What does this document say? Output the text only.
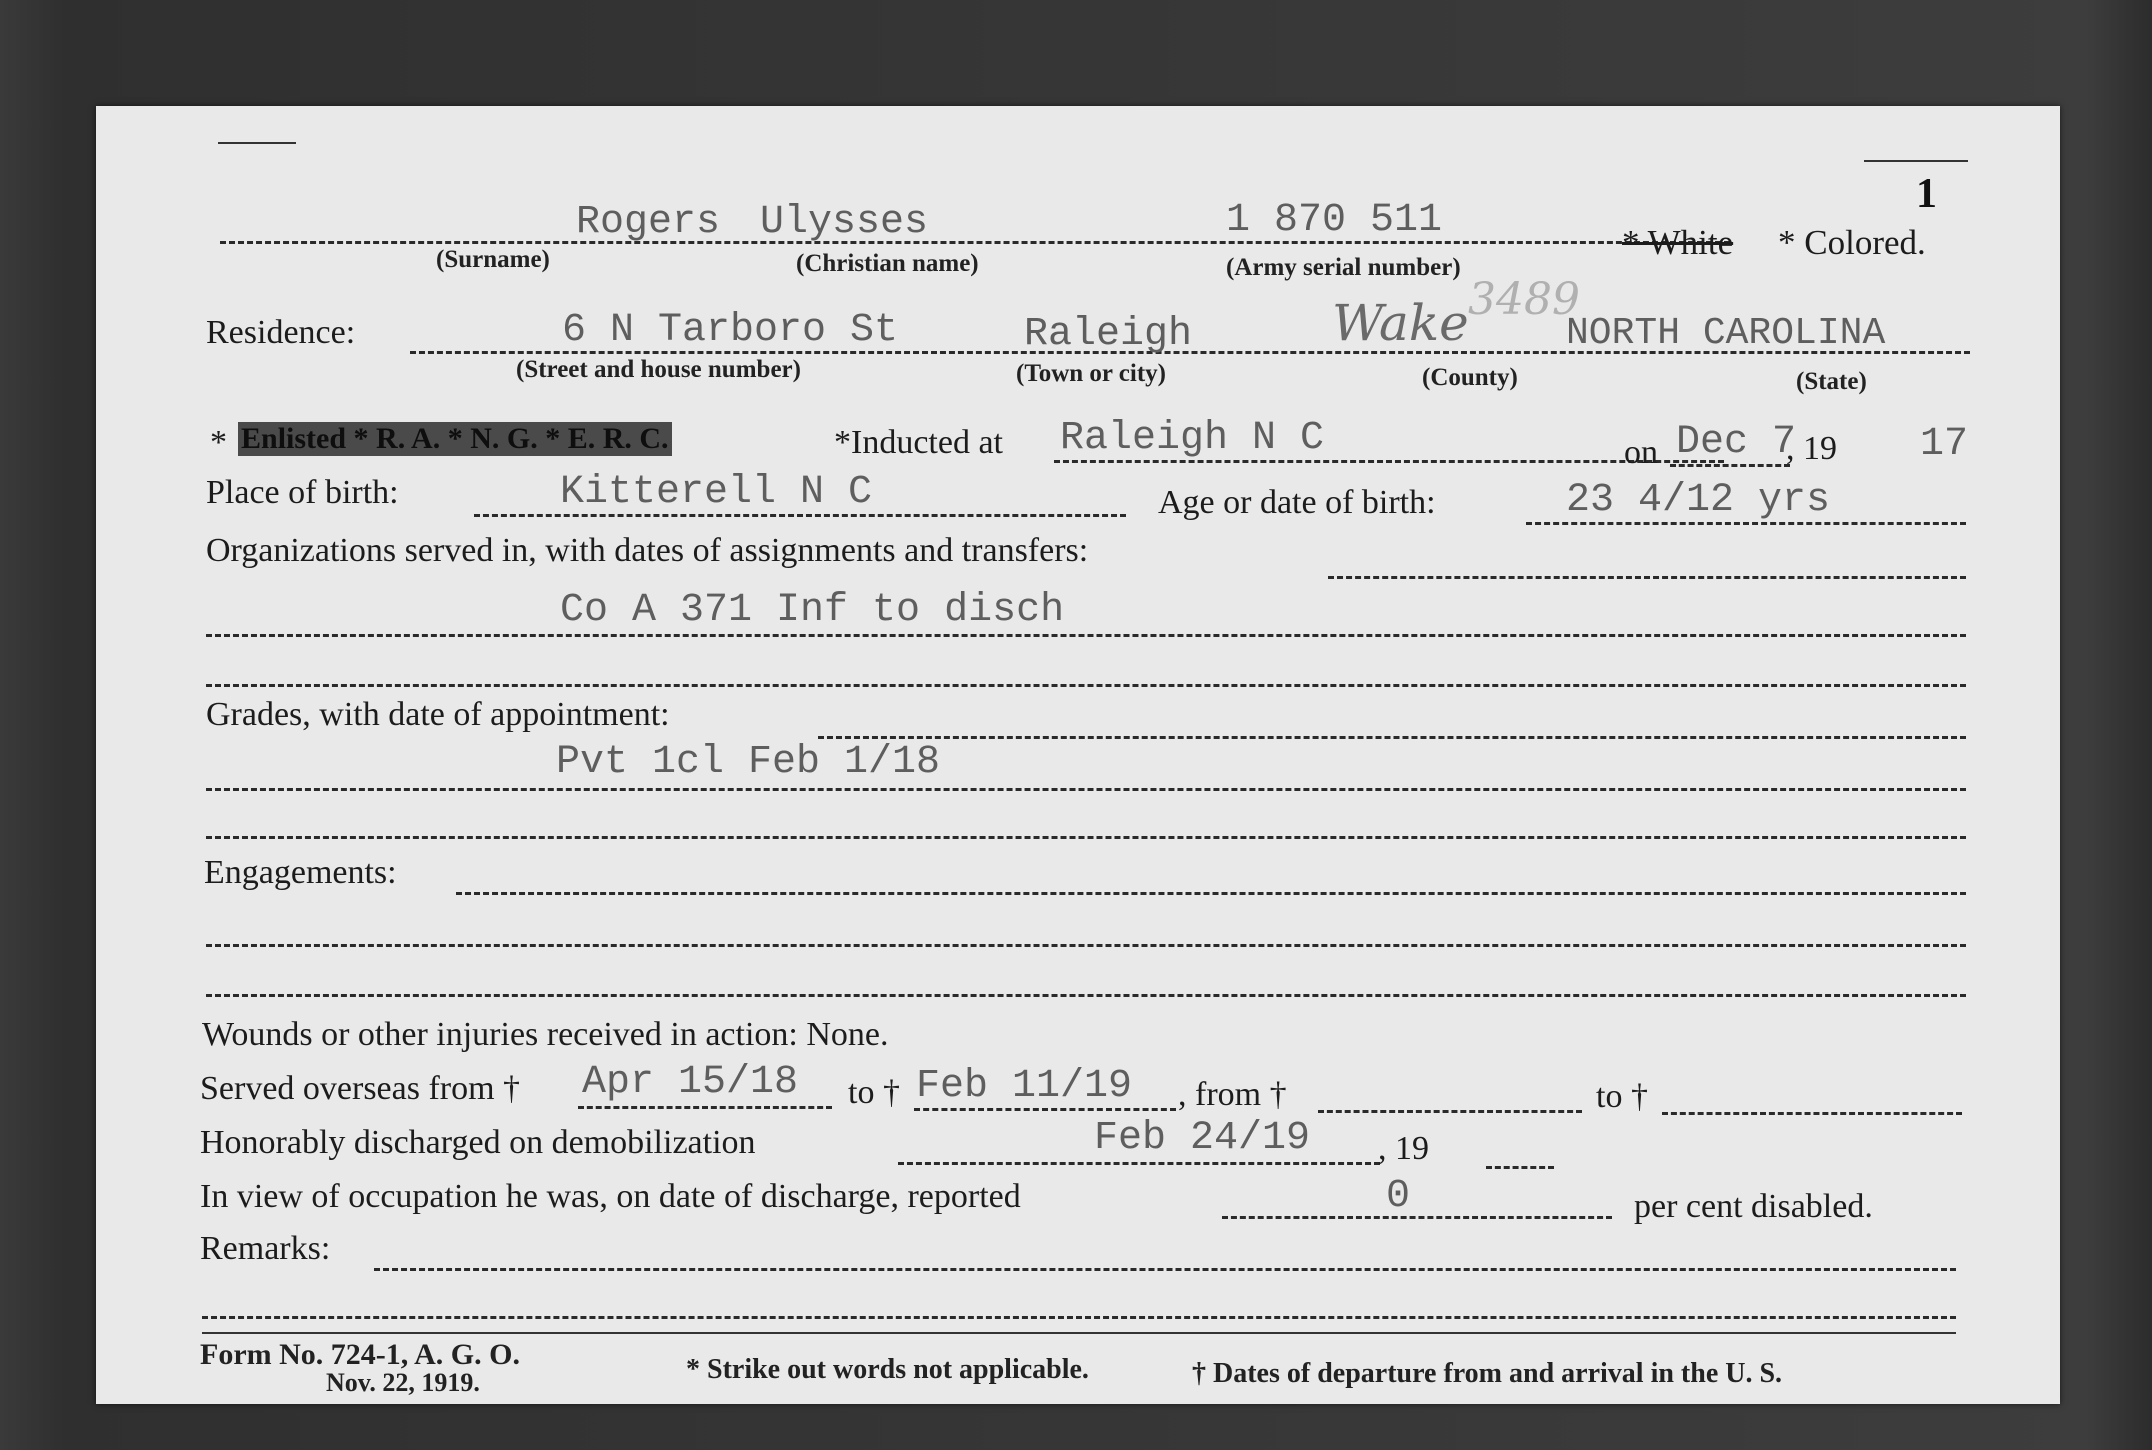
1
Rogers Ulysses	1 870 511
(Surname)	(Christian name)	(Army serial number)
* White * Colored.
Residence:	6 N Tarboro St	Raleigh	Wake 3489
NORTH CAROLINA
(Street and house number)	(Town or city)	(County)	(State)
* Enlisted * R. A. * N. G. * E. R. C.	*Inducted at Raleigh N C	on Dec 7
, 19 17
Place of birth:	Kitterell N C	Age or date of birth:	23 4/12 yrs
Organizations served in, with dates of assignments and transfers:
Co A 371 Inf to disch
Grades, with date of appointment:
Pvt 1cl Feb 1/18
Engagements:
Wounds or other injuries received in action: None.
Served overseas from † Apr 15/18 to † Feb 11/19 , from †	to †
Honorably discharged on demobilization	Feb 24/19 , 19
In view of occupation he was, on date of discharge, reported	0	per cent disabled.
Remarks:
Form No. 724-1, A. G. O.
Nov. 22, 1919.	* Strike out words not applicable.	† Dates of departure from and arrival in the U. S.
